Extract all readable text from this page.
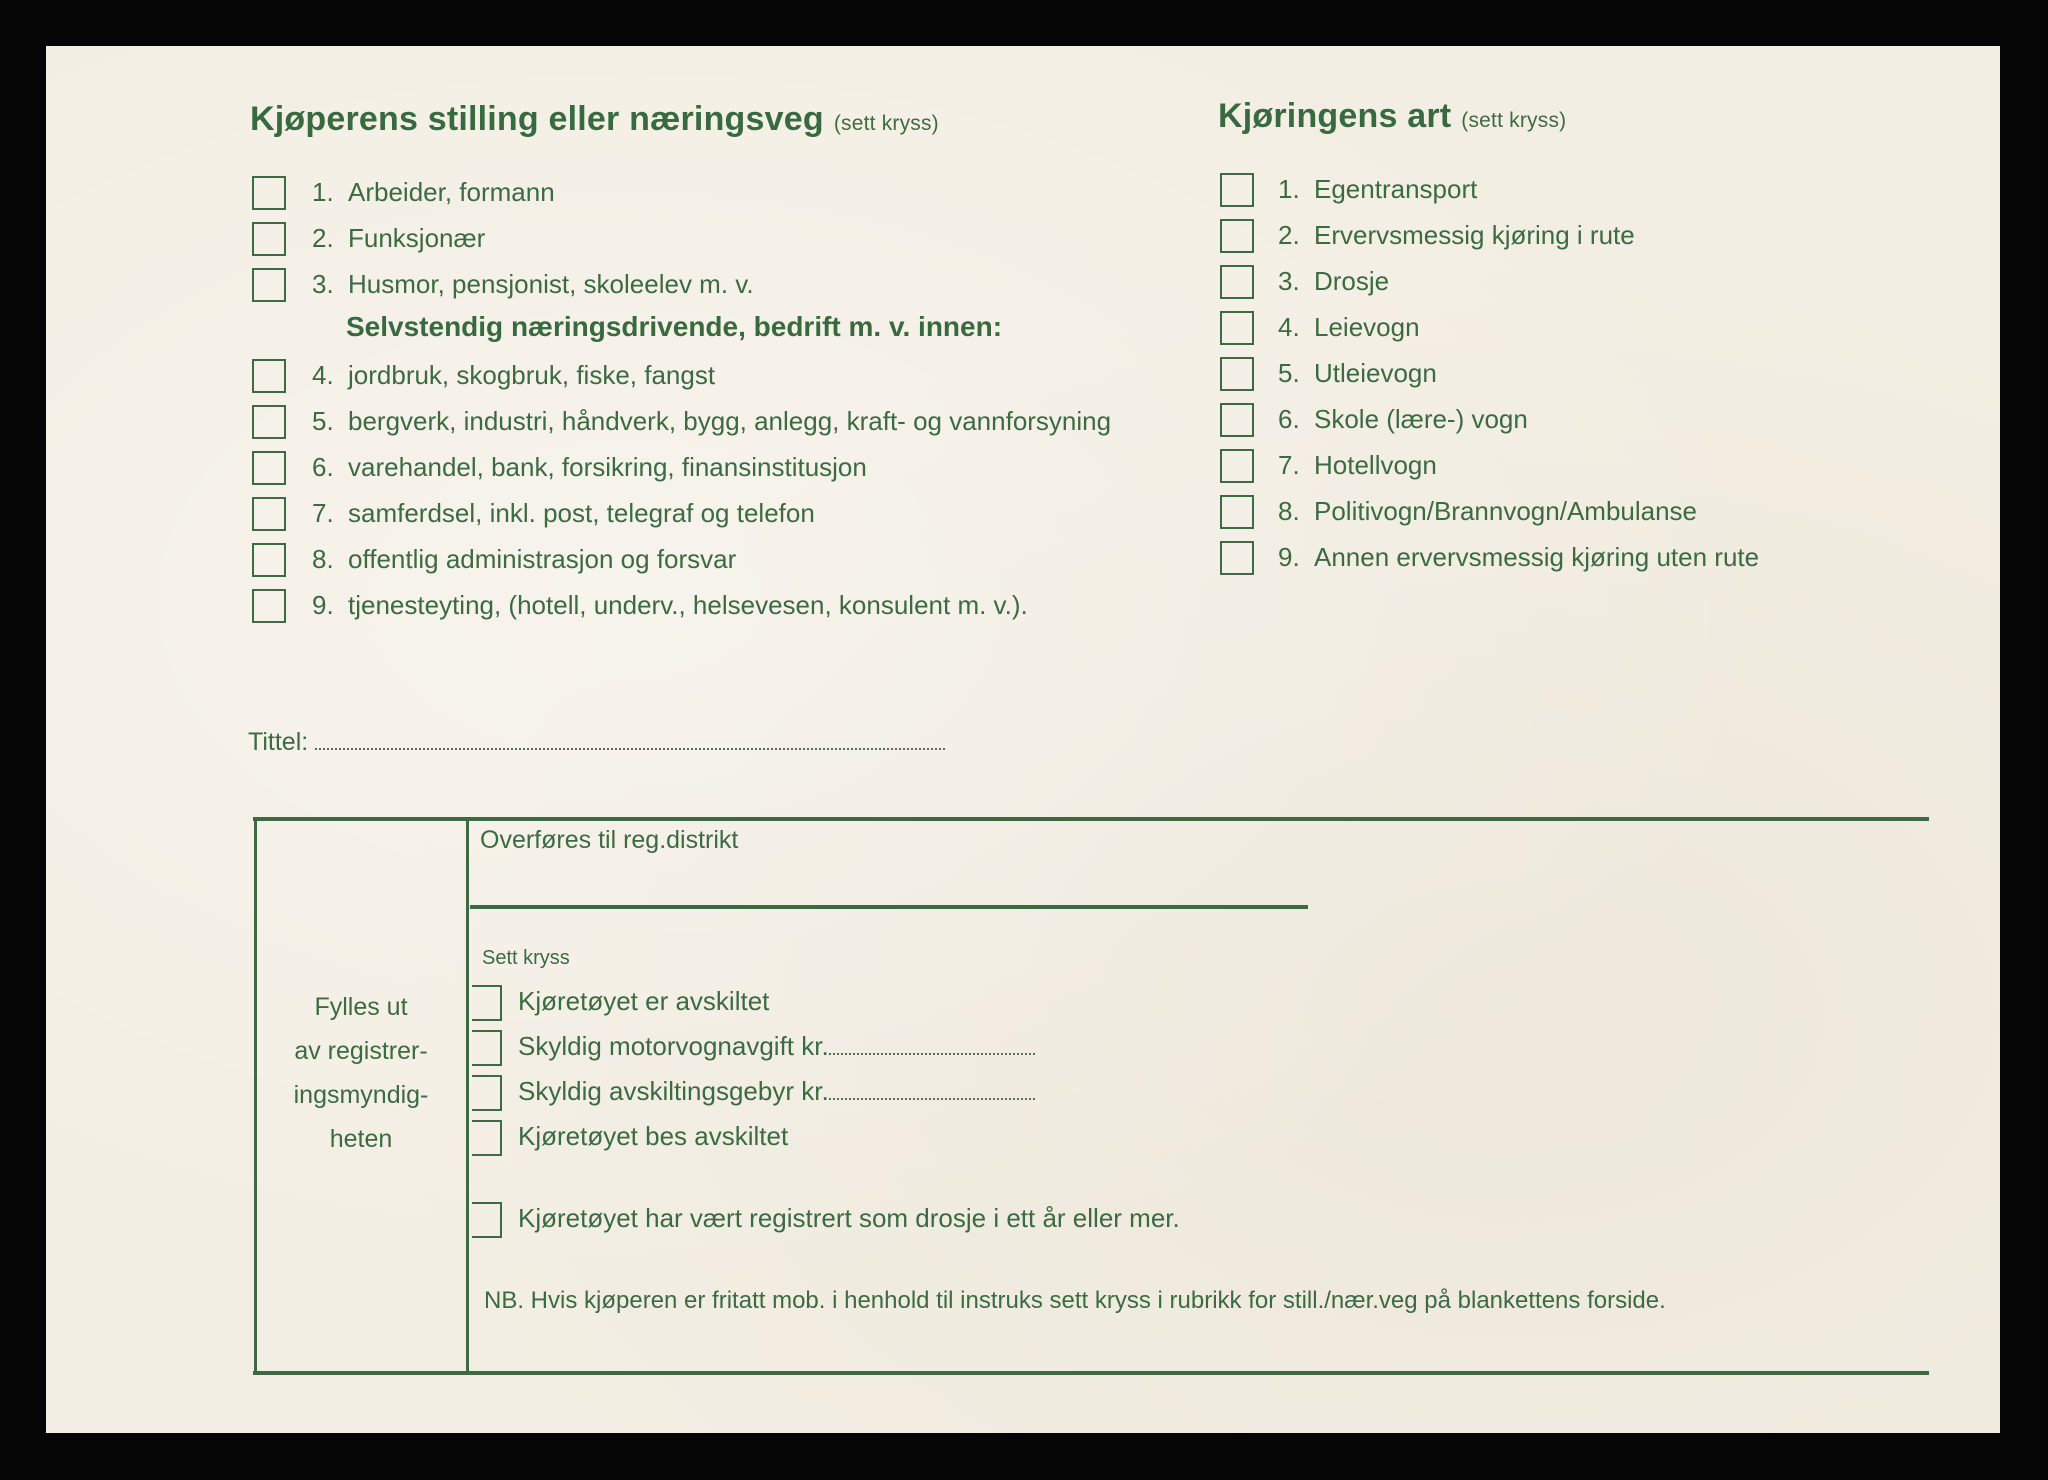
Kjøperens stilling eller næringsveg (sett kryss)
1. Arbeider, formann
2. Funksjonær
3. Husmor, pensjonist, skoleelev m. v.
Selvstendig næringsdrivende, bedrift m. v. innen:
4. jordbruk, skogbruk, fiske, fangst
5. bergverk, industri, håndverk, bygg, anlegg, kraft- og vannforsyning
6. varehandel, bank, forsikring, finansinstitusjon
7. samferdsel, inkl. post, telegraf og telefon
8. offentlig administrasjon og forsvar
9. tjenesteyting, (hotell, underv., helsevesen, konsulent m. v.).
Tittel:
Kjøringens art (sett kryss)
1. Egentransport
2. Ervervsmessig kjøring i rute
3. Drosje
4. Leievogn
5. Utleievogn
6. Skole (lære-) vogn
7. Hotellvogn
8. Politivogn/Brannvogn/Ambulanse
9. Annen ervervsmessig kjøring uten rute
Fylles ut
av registrer-
ingsmyndig-
heten
Overføres til reg.distrikt
Sett kryss
Kjøretøyet er avskiltet
Skyldig motorvognavgift kr.
Skyldig avskiltingsgebyr kr.
Kjøretøyet bes avskiltet
Kjøretøyet har vært registrert som drosje i ett år eller mer.
NB. Hvis kjøperen er fritatt mob. i henhold til instruks sett kryss i rubrikk for still./nær.veg på blankettens forside.
